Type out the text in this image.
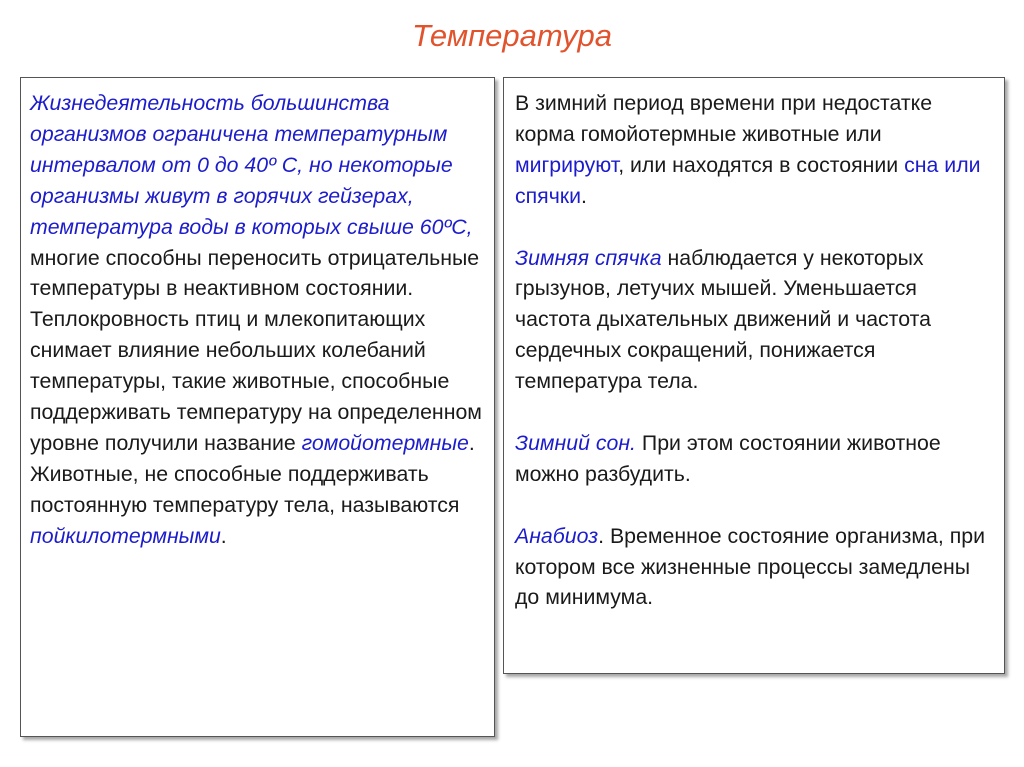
Температура

Жизнедеятельность большинства организмов ограничена температурным интервалом от 0 до 40º С, но некоторые организмы живут в горячих гейзерах, температура воды в которых свыше 60ºС, многие способны переносить отрицательные температуры в неактивном состоянии.

Теплокровность птиц и млекопитающих снимает влияние небольших колебаний температуры, такие животные, способные поддерживать температуру на определенном уровне получили название гомойотермные.

Животные, не способные поддерживать постоянную температуру тела, называются пойкилотермными.

В зимний период времени при недостатке корма гомойотермные животные или мигрируют, или находятся в состоянии сна или спячки.

Зимняя спячка наблюдается у некоторых грызунов, летучих мышей. Уменьшается частота дыхательных движений и частота сердечных сокращений, понижается температура тела.

Зимний сон. При этом состоянии животное можно разбудить.

Анабиоз. Временное состояние организма, при котором все жизненные процессы замедлены до минимума.
